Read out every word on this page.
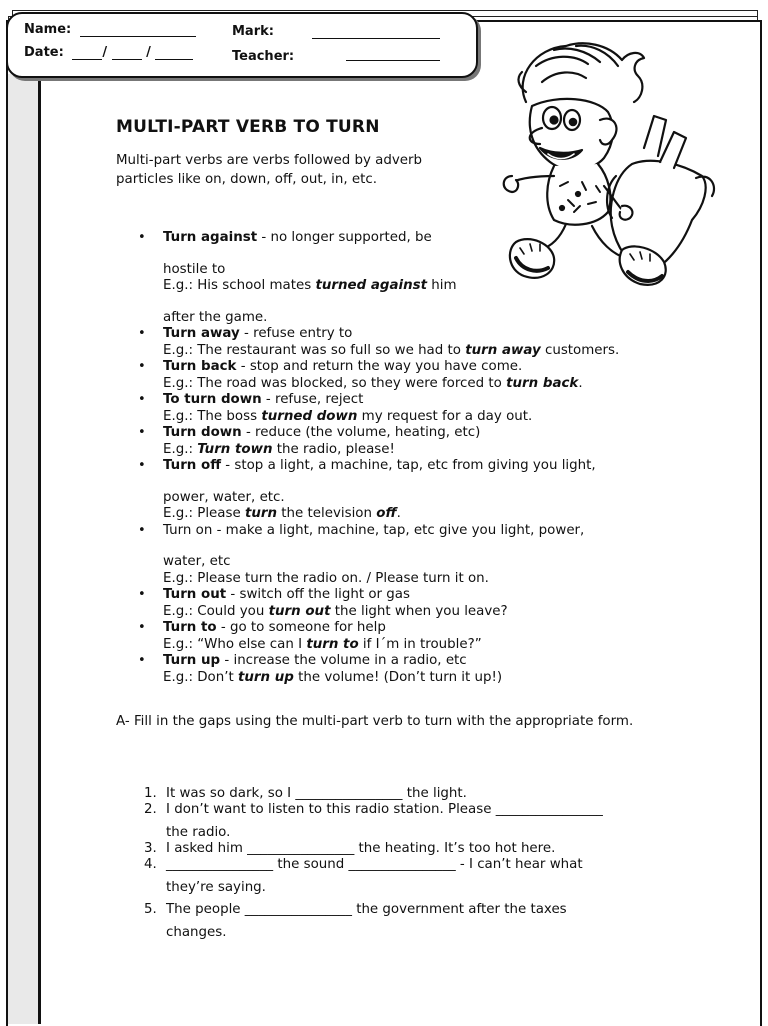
Name:
Date:	/	/
Mark:
Teacher:
MULTI-PART VERB TO TURN
Multi-part verbs are verbs followed by adverb particles like on, down, off, out, in, etc.
• Turn against - no longer supported, be
hostile to
E.g.: His school mates turned against him
after the game.
• Turn away - refuse entry to
E.g.: The restaurant was so full so we had to turn away customers.
• Turn back - stop and return the way you have come.
E.g.: The road was blocked, so they were forced to turn back.
• To turn down - refuse, reject
E.g.: The boss turned down my request for a day out.
• Turn down - reduce (the volume, heating, etc)
E.g.: Turn town the radio, please!
• Turn off - stop a light, a machine, tap, etc from giving you light,
power, water, etc.
E.g.: Please turn the television off.
• Turn on - make a light, machine, tap, etc give you light, power,
water, etc
E.g.: Please turn the radio on. / Please turn it on.
• Turn out - switch off the light or gas
E.g.: Could you turn out the light when you leave?
• Turn to - go to someone for help
E.g.: “Who else can I turn to if I´m in trouble?”
• Turn up - increase the volume in a radio, etc
E.g.: Don’t turn up the volume! (Don’t turn it up!)
A- Fill in the gaps using the multi-part verb to turn with the appropriate form.
1. It was so dark, so I ________________ the light.
2. I don’t want to listen to this radio station. Please ________________
the radio.
3. I asked him ________________ the heating. It’s too hot here.
4. ________________ the sound ________________ - I can’t hear what
they’re saying.
5. The people ________________ the government after the taxes
changes.
